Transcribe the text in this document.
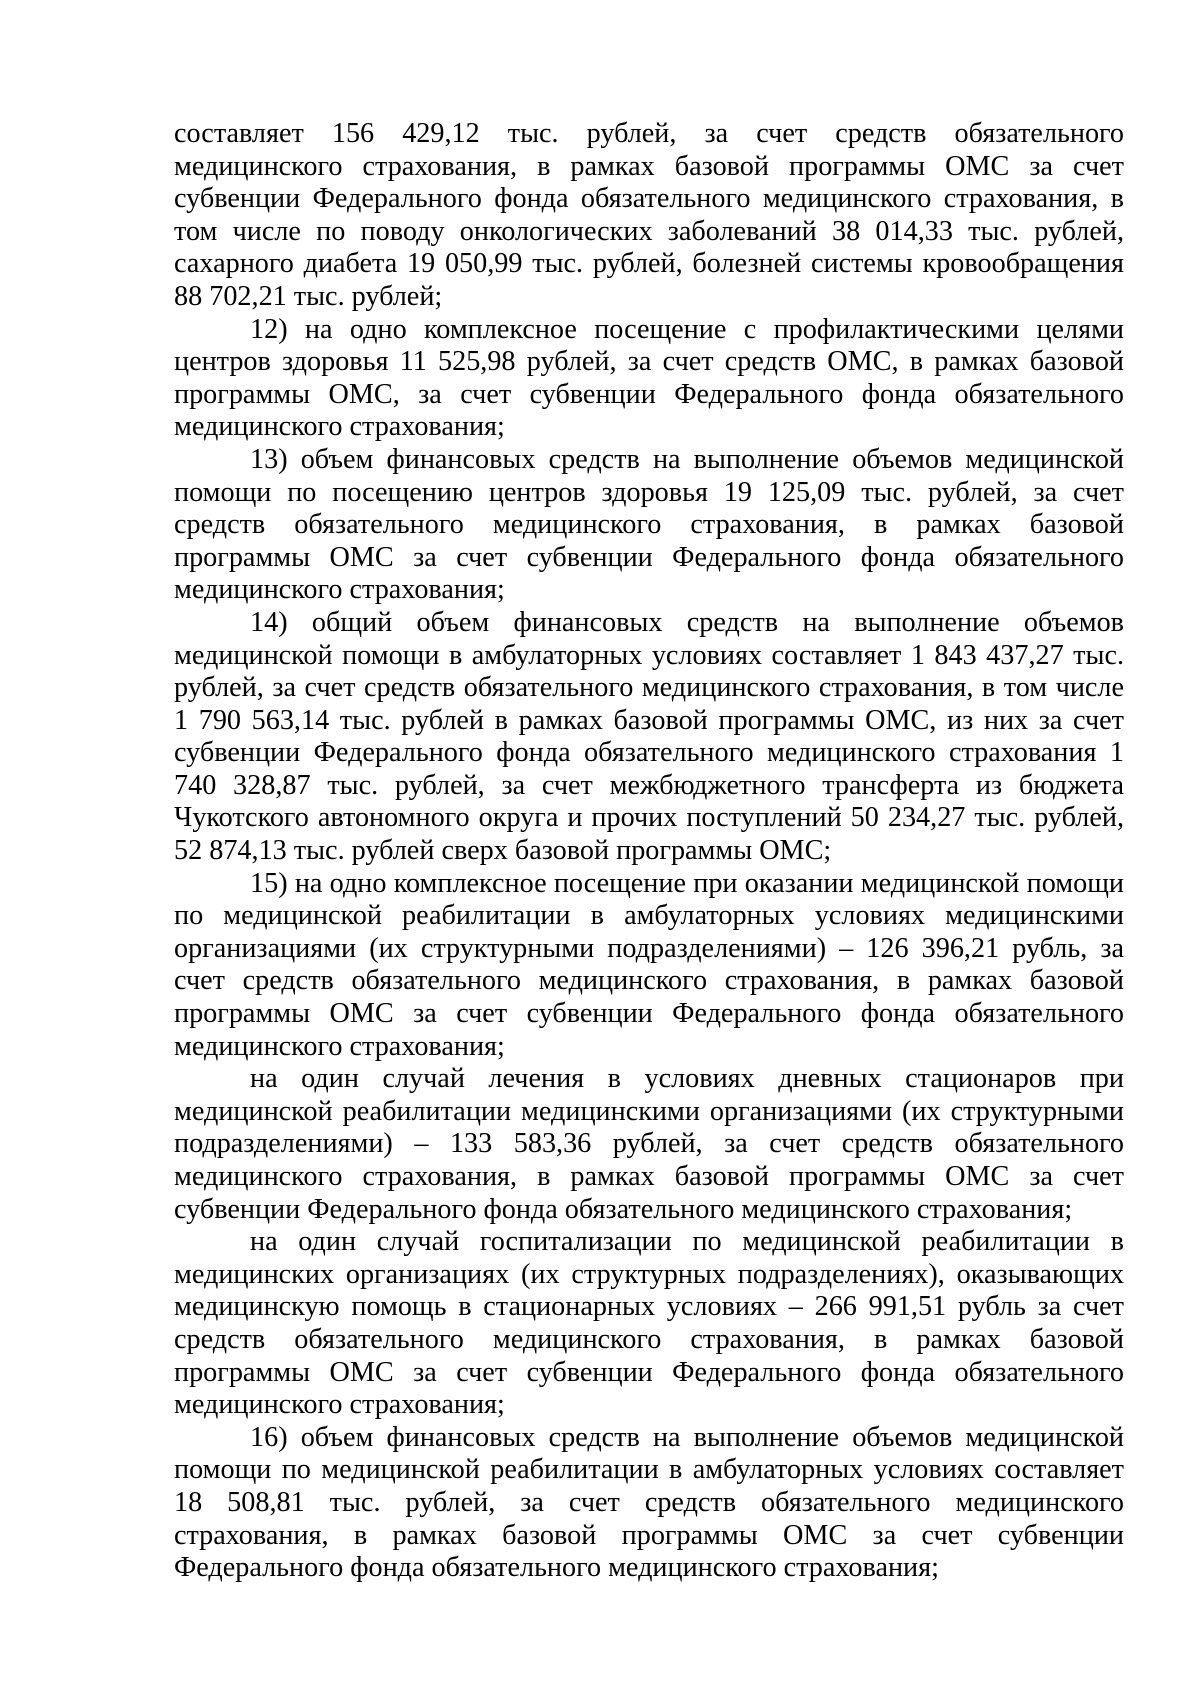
составляет 156 429,12 тыс. рублей, за счет средств обязательного медицинского страхования, в рамках базовой программы ОМС за счет субвенции Федерального фонда обязательного медицинского страхования, в том числе по поводу онкологических заболеваний 38 014,33 тыс. рублей, сахарного диабета 19 050,99 тыс. рублей, болезней системы кровообращения 88 702,21 тыс. рублей;

12) на одно комплексное посещение с профилактическими целями центров здоровья 11 525,98 рублей, за счет средств ОМС, в рамках базовой программы ОМС, за счет субвенции Федерального фонда обязательного медицинского страхования;

13) объем финансовых средств на выполнение объемов медицинской помощи по посещению центров здоровья 19 125,09 тыс. рублей, за счет средств обязательного медицинского страхования, в рамках базовой программы ОМС за счет субвенции Федерального фонда обязательного медицинского страхования;

14) общий объем финансовых средств на выполнение объемов медицинской помощи в амбулаторных условиях составляет 1 843 437,27 тыс. рублей, за счет средств обязательного медицинского страхования, в том числе 1 790 563,14 тыс. рублей в рамках базовой программы ОМС, из них за счет субвенции Федерального фонда обязательного медицинского страхования 1 740 328,87 тыс. рублей, за счет межбюджетного трансферта из бюджета Чукотского автономного округа и прочих поступлений 50 234,27 тыс. рублей, 52 874,13 тыс. рублей сверх базовой программы ОМС;

15) на одно комплексное посещение при оказании медицинской помощи по медицинской реабилитации в амбулаторных условиях медицинскими организациями (их структурными подразделениями) – 126 396,21 рубль, за счет средств обязательного медицинского страхования, в рамках базовой программы ОМС за счет субвенции Федерального фонда обязательного медицинского страхования;

на один случай лечения в условиях дневных стационаров при медицинской реабилитации медицинскими организациями (их структурными подразделениями) – 133 583,36 рублей, за счет средств обязательного медицинского страхования, в рамках базовой программы ОМС за счет субвенции Федерального фонда обязательного медицинского страхования;

на один случай госпитализации по медицинской реабилитации в медицинских организациях (их структурных подразделениях), оказывающих медицинскую помощь в стационарных условиях – 266 991,51 рубль за счет средств обязательного медицинского страхования, в рамках базовой программы ОМС за счет субвенции Федерального фонда обязательного медицинского страхования;

16) объем финансовых средств на выполнение объемов медицинской помощи по медицинской реабилитации в амбулаторных условиях составляет 18 508,81 тыс. рублей, за счет средств обязательного медицинского страхования, в рамках базовой программы ОМС за счет субвенции Федерального фонда обязательного медицинского страхования;
